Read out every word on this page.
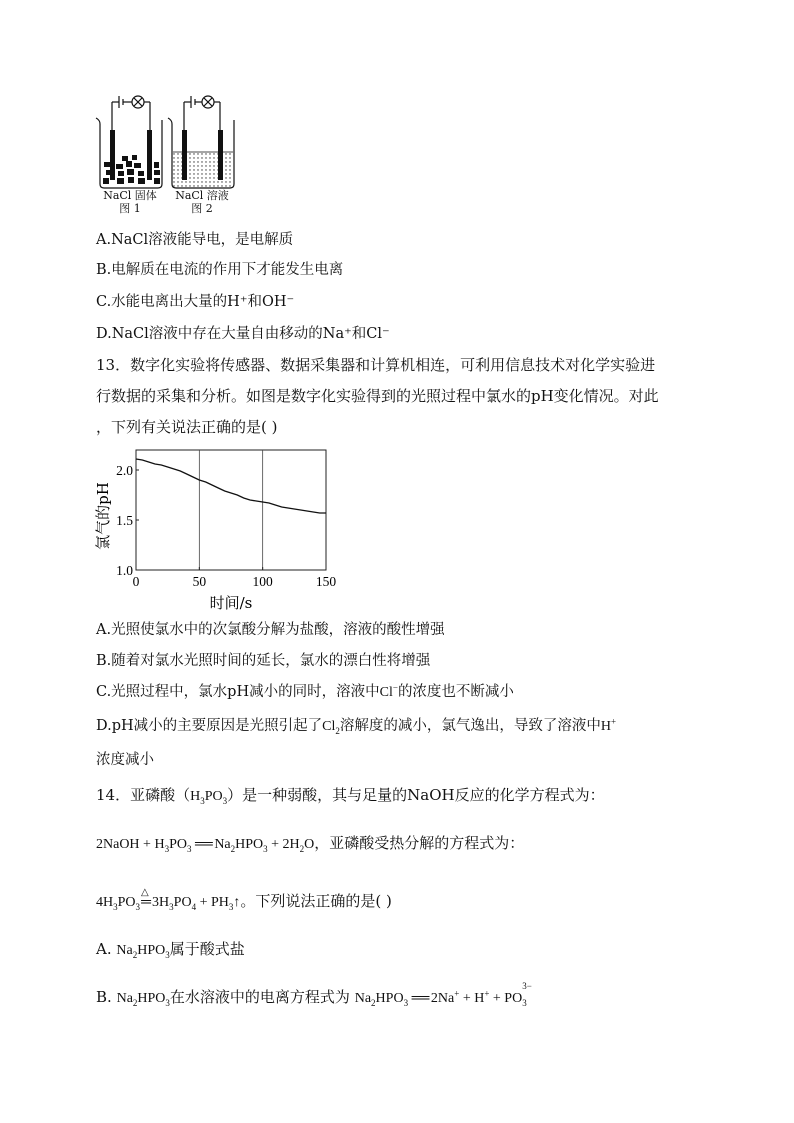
NaCl 固体
图 1
NaCl 溶液
图 2
A.NaCl溶液能导电，是电解质
B.电解质在电流的作用下才能发生电离
C.水能电离出大量的H⁺和OH⁻
D.NaCl溶液中存在大量自由移动的Na⁺和Cl⁻
13．数字化实验将传感器、数据采集器和计算机相连，可利用信息技术对化学实验进
行数据的采集和分析。如图是数字化实验得到的光照过程中氯水的pH变化情况。对此
，下列有关说法正确的是( )
0	50	100	150
1.0
1.5
2.0
氯气的pH
时间/s
A.光照使氯水中的次氯酸分解为盐酸，溶液的酸性增强
B.随着对氯水光照时间的延长，氯水的漂白性将增强
C.光照过程中，氯水pH减小的同时，溶液中Cl−的浓度也不断减小
D.pH减小的主要原因是光照引起了$Cl_2$溶解度的减小，氯气逸出，导致了溶液中H+
浓度减小
14．亚磷酸$(H_3PO_3)$是一种弱酸，其与足量的NaOH反应的化学方程式为：
2NaOH + $H_3PO_3$ ══ $Na_2HPO_3 + 2H_2O$，亚磷酸受热分解的方程式为：
$4H_3PO_3$
△
$═3H_3PO_4$ + $PH_3↑$。下列说法正确的是( )
A. $Na_2HPO_3$属于酸式盐
B. $Na_2HPO_3$在水溶液中的电离方程式为 $Na_2HPO_3$ ══ 2Na+ + H+ + PO
$_{3- 3}$
